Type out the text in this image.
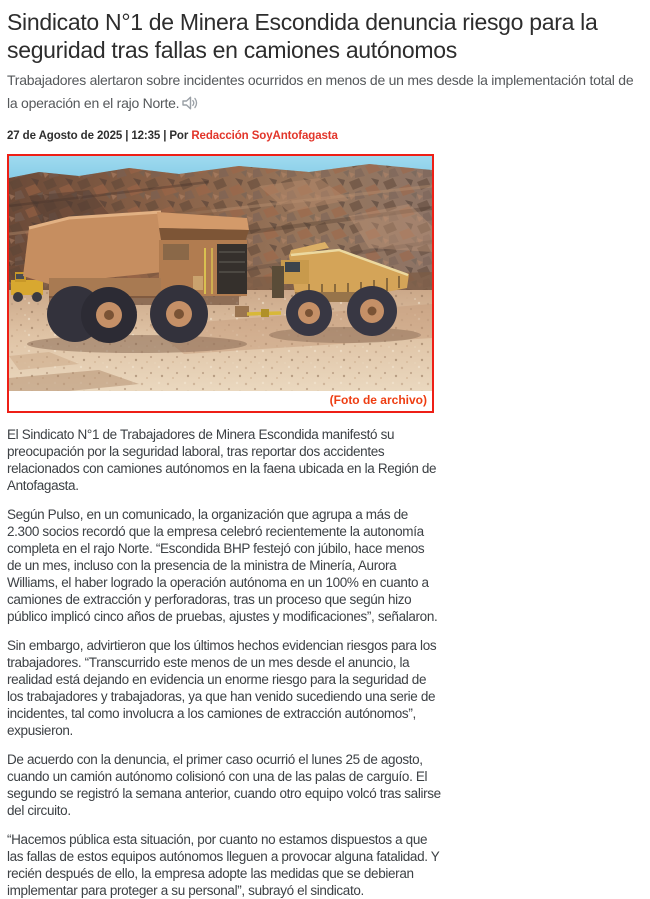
Sindicato N°1 de Minera Escondida denuncia riesgo para la seguridad tras fallas en camiones autónomos
Trabajadores alertaron sobre incidentes ocurridos en menos de un mes desde la implementación total de la operación en el rajo Norte.
27 de Agosto de 2025 | 12:35 | Por Redacción SoyAntofagasta
(Foto de archivo)

El Sindicato N°1 de Trabajadores de Minera Escondida manifestó su preocupación por la seguridad laboral, tras reportar dos accidentes relacionados con camiones autónomos en la faena ubicada en la Región de Antofagasta.

Según Pulso, en un comunicado, la organización que agrupa a más de 2.300 socios recordó que la empresa celebró recientemente la autonomía completa en el rajo Norte. “Escondida BHP festejó con júbilo, hace menos de un mes, incluso con la presencia de la ministra de Minería, Aurora Williams, el haber logrado la operación autónoma en un 100% en cuanto a camiones de extracción y perforadoras, tras un proceso que según hizo público implicó cinco años de pruebas, ajustes y modificaciones”, señalaron.

Sin embargo, advirtieron que los últimos hechos evidencian riesgos para los trabajadores. “Transcurrido este menos de un mes desde el anuncio, la realidad está dejando en evidencia un enorme riesgo para la seguridad de los trabajadores y trabajadoras, ya que han venido sucediendo una serie de incidentes, tal como involucra a los camiones de extracción autónomos”, expusieron.

De acuerdo con la denuncia, el primer caso ocurrió el lunes 25 de agosto, cuando un camión autónomo colisionó con una de las palas de carguío. El segundo se registró la semana anterior, cuando otro equipo volcó tras salirse del circuito.

“Hacemos pública esta situación, por cuanto no estamos dispuestos a que las fallas de estos equipos autónomos lleguen a provocar alguna fatalidad. Y recién después de ello, la empresa adopte las medidas que se debieran implementar para proteger a su personal”, subrayó el sindicato.
